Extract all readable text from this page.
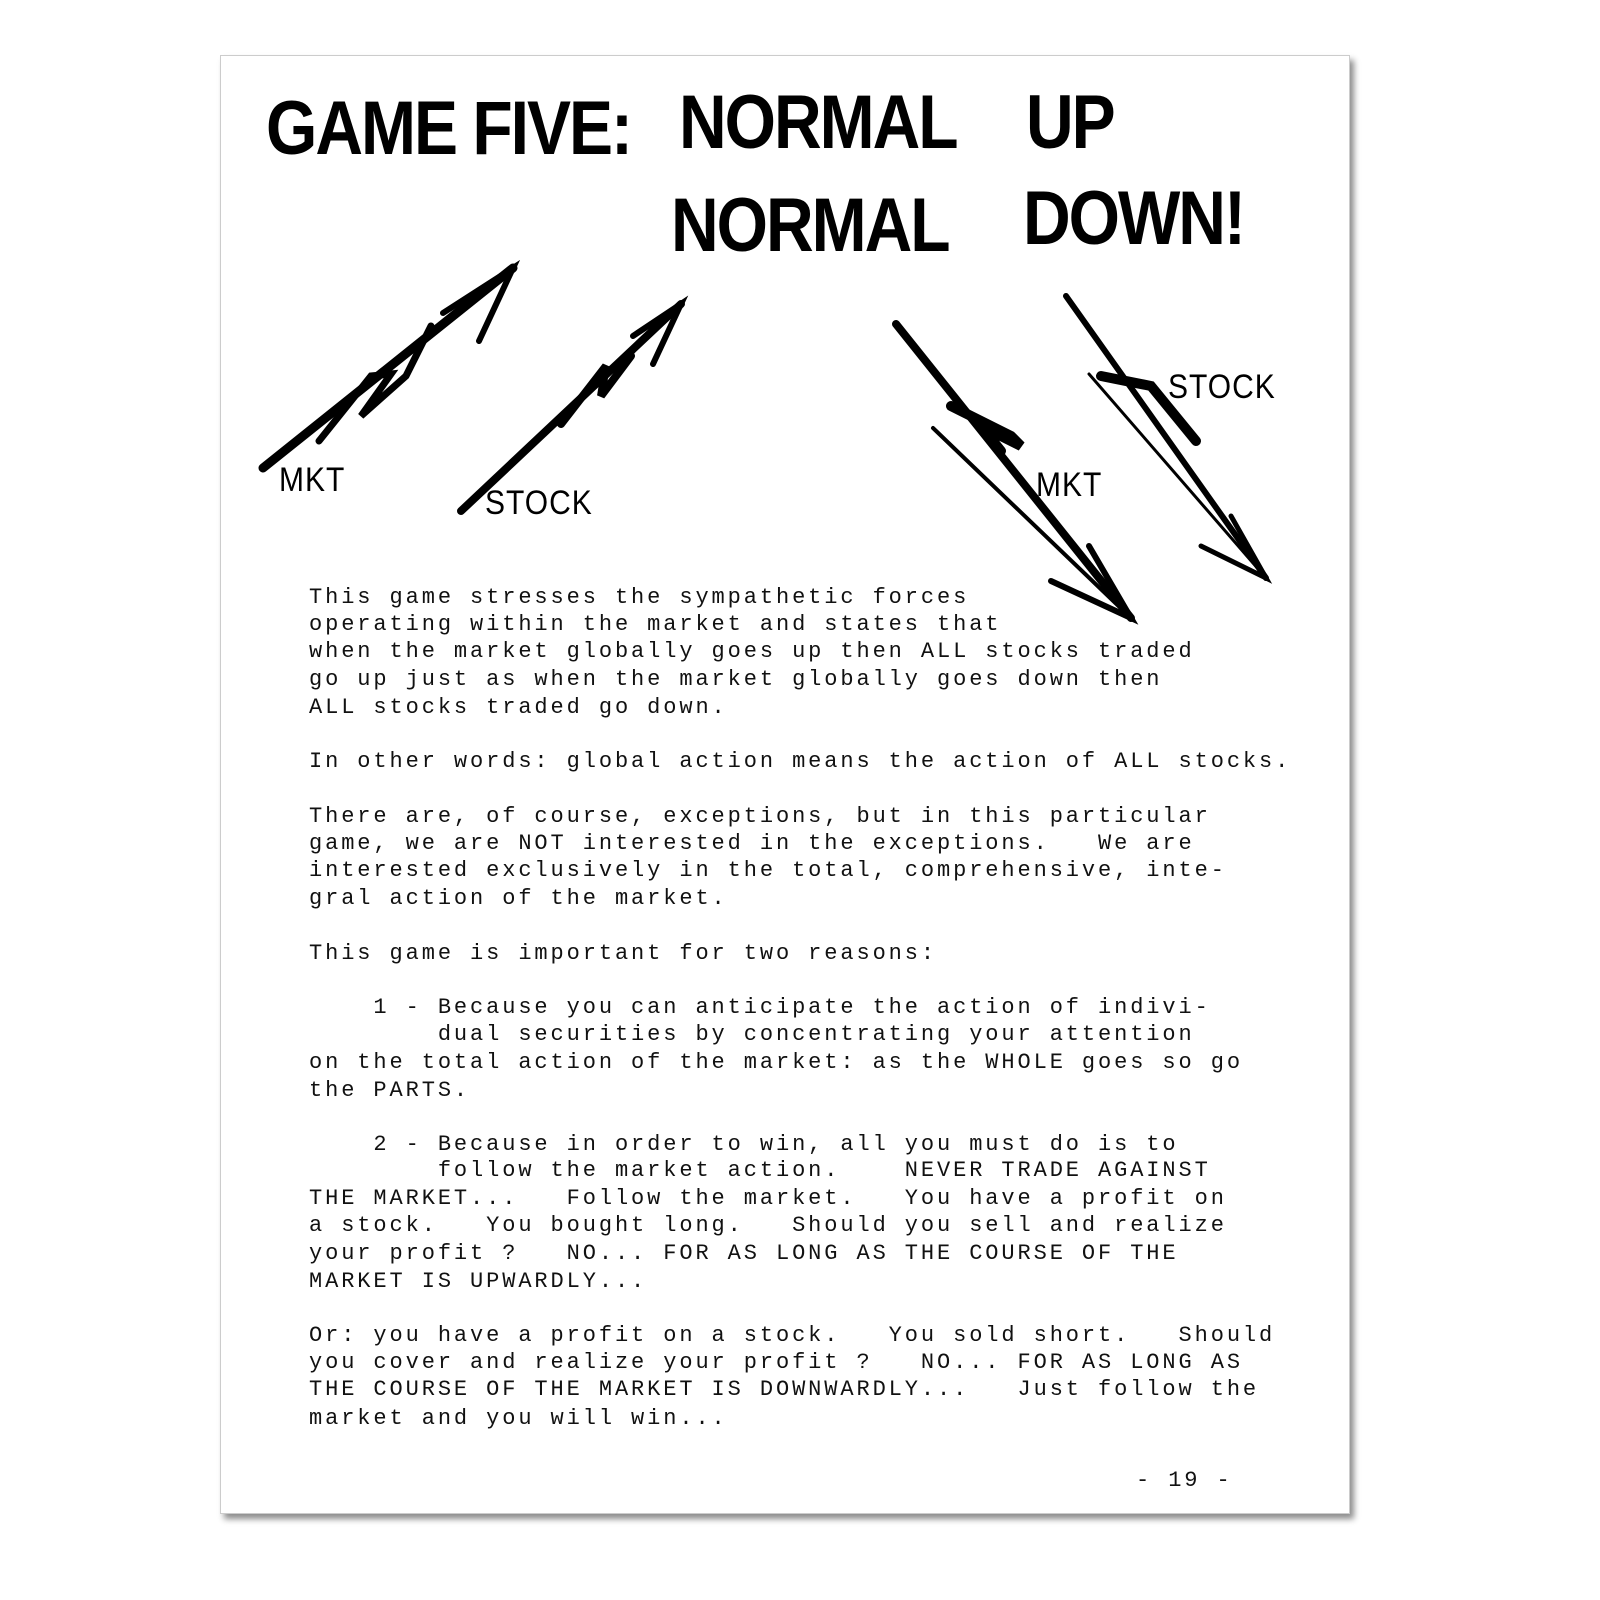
GAME FIVE: NORMAL UP
NORMAL DOWN!
MKT
STOCK	MKT
STOCK
This game stresses the sympathetic forces
operating within the market and states that
when the market globally goes up then ALL stocks traded
go up just as when the market globally goes down then
ALL stocks traded go down.
In other words: global action means the action of ALL stocks.
There are, of course, exceptions, but in this particular
game, we are NOT interested in the exceptions.   We are
interested exclusively in the total, comprehensive, inte-
gral action of the market.
This game is important for two reasons:
1 - Because you can anticipate the action of indivi-
dual securities by concentrating your attention
on the total action of the market: as the WHOLE goes so go
the PARTS.
2 - Because in order to win, all you must do is to
follow the market action.    NEVER TRADE AGAINST
THE MARKET...   Follow the market.   You have a profit on
a stock.   You bought long.   Should you sell and realize
your profit ?   NO... FOR AS LONG AS THE COURSE OF THE
MARKET IS UPWARDLY...
Or: you have a profit on a stock.   You sold short.   Should
you cover and realize your profit ?   NO... FOR AS LONG AS
THE COURSE OF THE MARKET IS DOWNWARDLY...   Just follow the
market and you will win...
- 19 -
